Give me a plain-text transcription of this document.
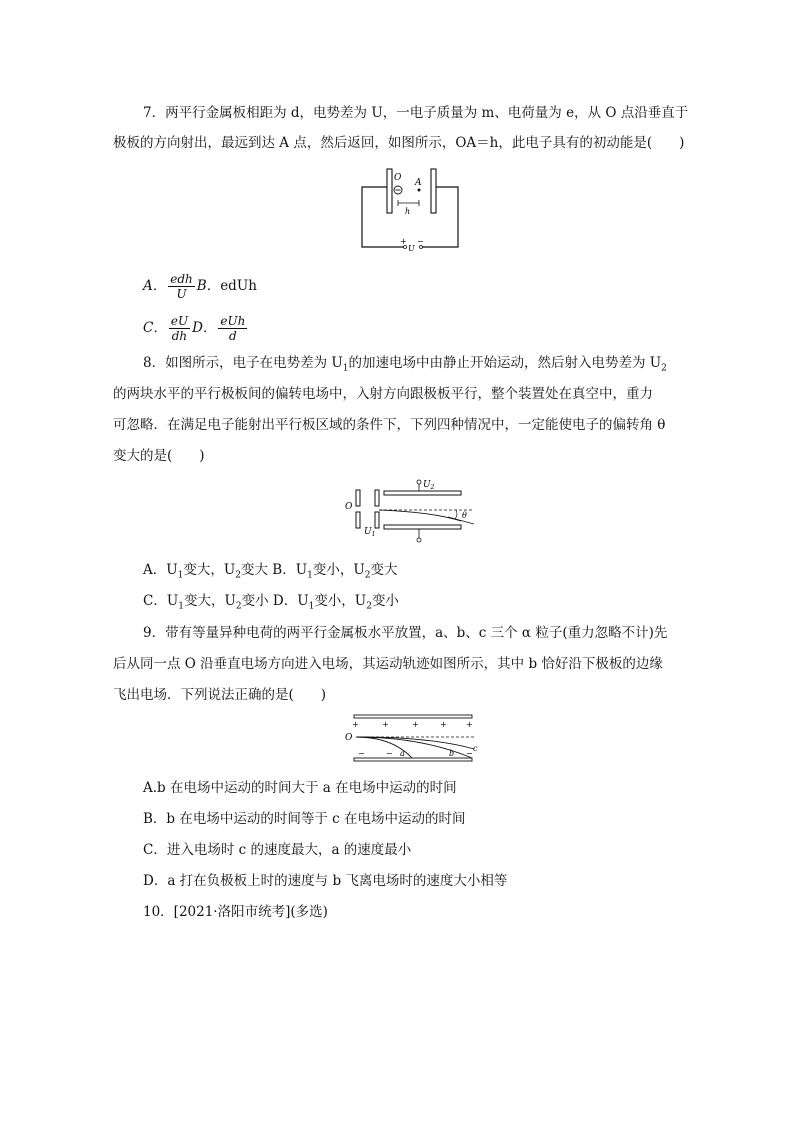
7．两平行金属板相距为 d，电势差为 U，一电子质量为 m、电荷量为 e，从 O 点沿垂直于
极板的方向射出，最远到达 A 点，然后返回，如图所示，OA＝h，此电子具有的初动能是(　　)
O A
h
+ −
U
A． $\frac{\text{edh}}{U}$ B．edUh
C． $\frac{eU}{dh}$ D． $\frac{\text{eUh}}{d}$
8．如图所示，电子在电势差为 $U_1$的加速电场中由静止开始运动，然后射入电势差为 $U_2$
的两块水平的平行极板间的偏转电场中，入射方向跟极板平行，整个装置处在真空中，重力
可忽略．在满足电子能射出平行板区域的条件下，下列四种情况中，一定能使电子的偏转角 θ
变大的是(　　)
O
$U_1$
$U_2$
θ
A．$U_1$变大，$U_2$变大 B．$U_1$变小，$U_2$变大
C．$U_1$变大，$U_2$变小 D．$U_1$变小，$U_2$变小
9．带有等量异种电荷的两平行金属板水平放置，a、b、c 三个 α 粒子(重力忽略不计)先
后从同一点 O 沿垂直电场方向进入电场，其运动轨迹如图所示，其中 b 恰好沿下极板的边缘
飞出电场．下列说法正确的是(　　)
+	+	+	+ +
−	−	−
O
a	b
c
A.b 在电场中运动的时间大于 a 在电场中运动的时间
B．b 在电场中运动的时间等于 c 在电场中运动的时间
C．进入电场时 c 的速度最大，a 的速度最小
D．a 打在负极板上时的速度与 b 飞离电场时的速度大小相等
10．[2021·洛阳市统考](多选)
